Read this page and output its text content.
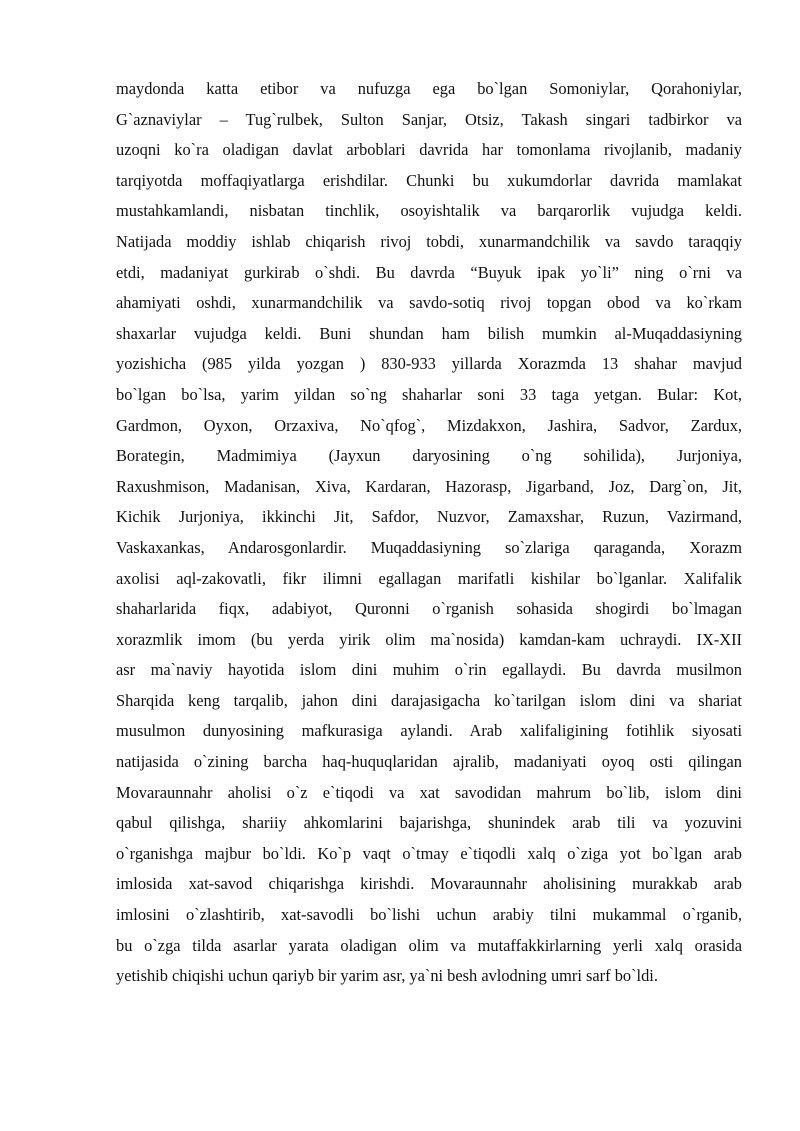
maydonda katta etibor va nufuzga ega bo`lgan Somoniylar, Qorahoniylar,
G`aznaviylar – Tug`rulbek, Sulton Sanjar, Otsiz, Takash singari tadbirkor va
uzoqni ko`ra oladigan davlat arboblari davrida har tomonlama rivojlanib, madaniy
tarqiyotda moffaqiyatlarga erishdilar. Chunki bu xukumdorlar davrida mamlakat
mustahkamlandi, nisbatan tinchlik, osoyishtalik va barqarorlik vujudga keldi.
Natijada moddiy ishlab chiqarish rivoj tobdi, xunarmandchilik va savdo taraqqiy
etdi, madaniyat gurkirab o`shdi. Bu davrda “Buyuk ipak yo`li” ning o`rni va
ahamiyati oshdi, xunarmandchilik va savdo-sotiq rivoj topgan obod va ko`rkam
shaxarlar vujudga keldi. Buni shundan ham bilish mumkin al-Muqaddasiyning
yozishicha (985 yilda yozgan ) 830-933 yillarda Xorazmda 13 shahar mavjud
bo`lgan bo`lsa, yarim yildan so`ng shaharlar soni 33 taga yetgan. Bular: Kot,
Gardmon, Oyxon, Orzaxiva, No`qfog`, Mizdakxon, Jashira, Sadvor, Zardux,
Borategin, Madmimiya (Jayxun daryosining o`ng sohilida), Jurjoniya,
Raxushmison, Madanisan, Xiva, Kardaran, Hazorasp, Jigarband, Joz, Darg`on, Jit,
Kichik Jurjoniya, ikkinchi Jit, Safdor, Nuzvor, Zamaxshar, Ruzun, Vazirmand,
Vaskaxankas, Andarosgonlardir. Muqaddasiyning so`zlariga qaraganda, Xorazm
axolisi aql-zakovatli, fikr ilimni egallagan marifatli kishilar bo`lganlar. Xalifalik
shaharlarida fiqx, adabiyot, Quronni o`rganish sohasida shogirdi bo`lmagan
xorazmlik imom (bu yerda yirik olim ma`nosida) kamdan-kam uchraydi. IX-XII
asr ma`naviy hayotida islom dini muhim o`rin egallaydi. Bu davrda musilmon
Sharqida keng tarqalib, jahon dini darajasigacha ko`tarilgan islom dini va shariat
musulmon dunyosining mafkurasiga aylandi. Arab xalifaligining fotihlik siyosati
natijasida o`zining barcha haq-huquqlaridan ajralib, madaniyati oyoq osti qilingan
Movaraunnahr aholisi o`z e`tiqodi va xat savodidan mahrum bo`lib, islom dini
qabul qilishga, shariiy ahkomlarini bajarishga, shunindek arab tili va yozuvini
o`rganishga majbur bo`ldi. Ko`p vaqt o`tmay e`tiqodli xalq o`ziga yot bo`lgan arab
imlosida xat-savod chiqarishga kirishdi. Movaraunnahr aholisining murakkab arab
imlosini o`zlashtirib, xat-savodli bo`lishi uchun arabiy tilni mukammal o`rganib,
bu o`zga tilda asarlar yarata oladigan olim va mutaffakkirlarning yerli xalq orasida
yetishib chiqishi uchun qariyb bir yarim asr, ya`ni besh avlodning umri sarf bo`ldi.
